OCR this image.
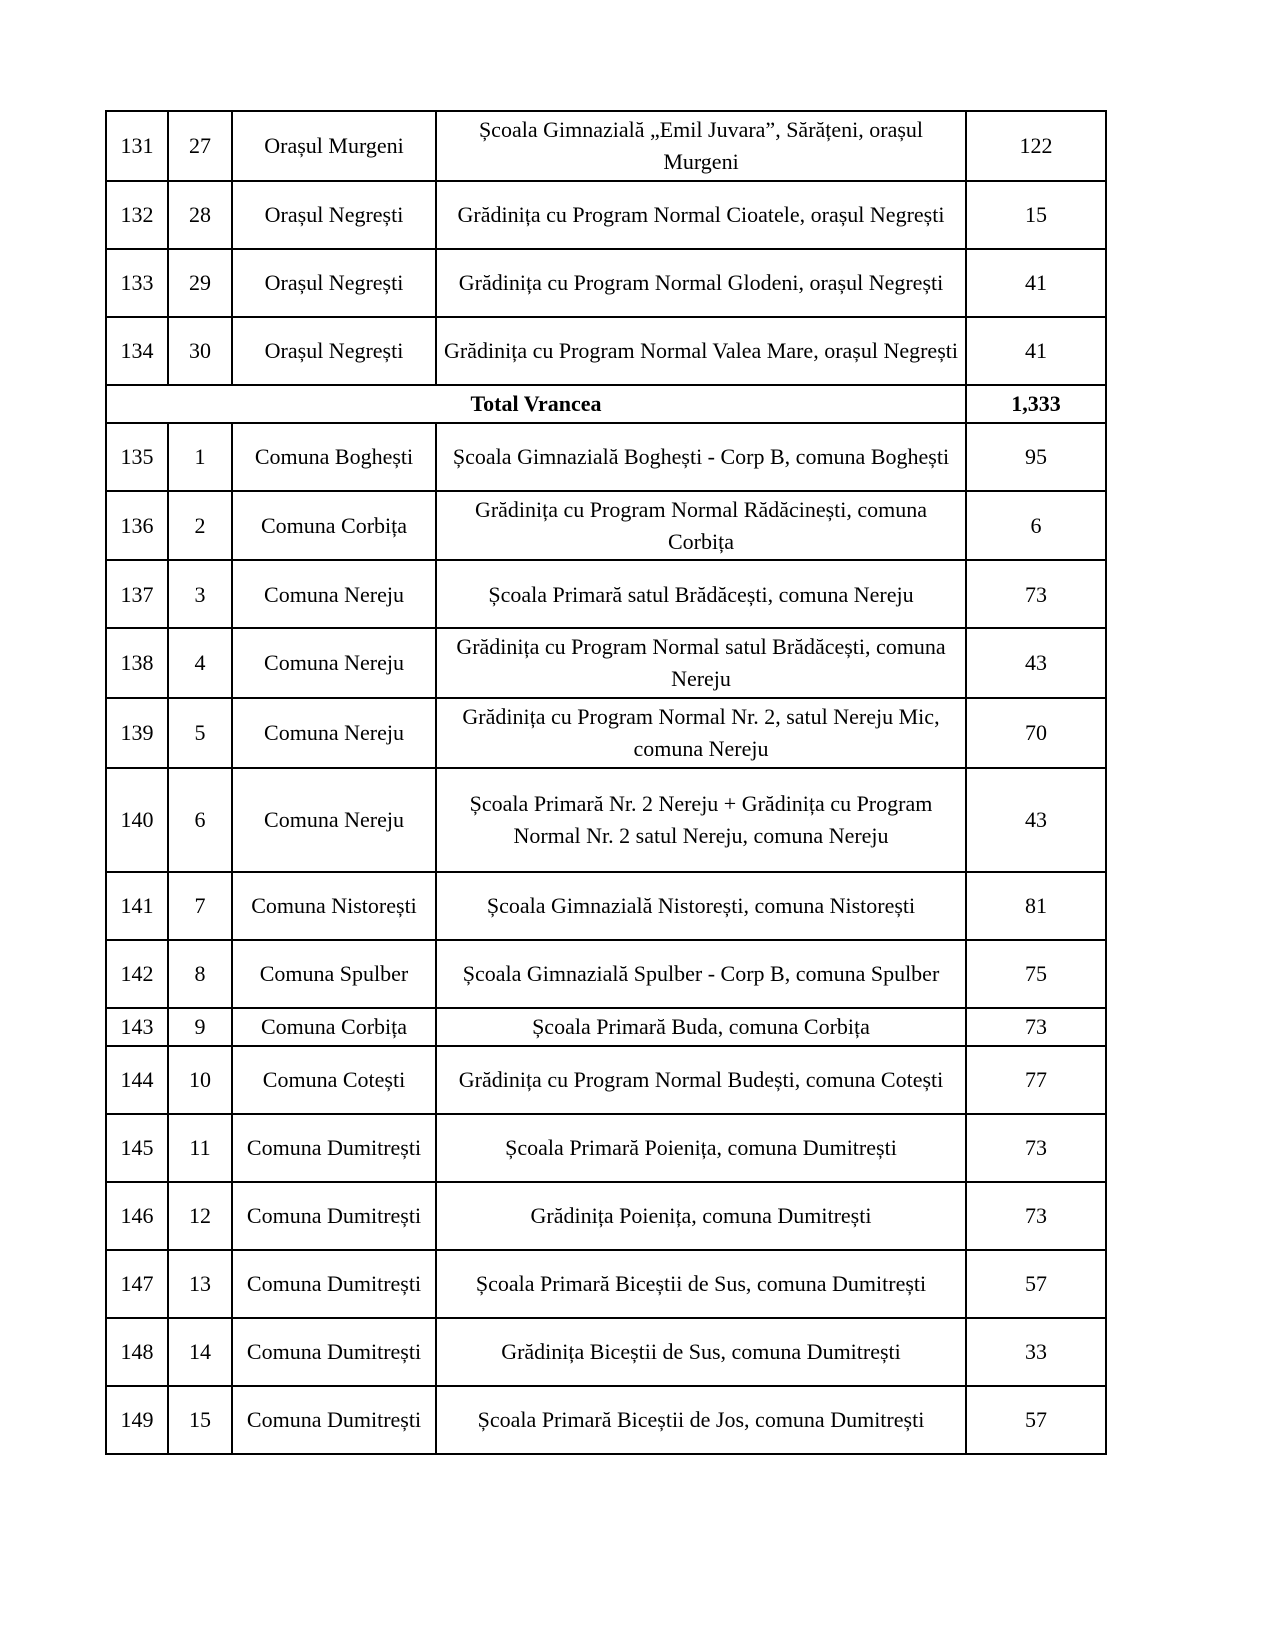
131	27	Orașul Murgeni	Școala Gimnazială „Emil Juvara”, Sărățeni, orașul Murgeni	122
132	28	Orașul Negrești	Grădinița cu Program Normal Cioatele, orașul Negrești	15
133	29	Orașul Negrești	Grădinița cu Program Normal Glodeni, orașul Negrești	41
134	30	Orașul Negrești	Grădinița cu Program Normal Valea Mare, orașul Negrești	41
Total Vrancea				1,333
135	1	Comuna Boghești	Școala Gimnazială Boghești - Corp B, comuna Boghești	95
136	2	Comuna Corbița	Grădinița cu Program Normal Rădăcinești, comuna Corbița	6
137	3	Comuna Nereju	Școala Primară satul Brădăcești, comuna Nereju	73
138	4	Comuna Nereju	Grădinița cu Program Normal satul Brădăcești, comuna Nereju	43
139	5	Comuna Nereju	Grădinița cu Program Normal Nr. 2, satul Nereju Mic, comuna Nereju	70
140	6	Comuna Nereju	Școala Primară Nr. 2 Nereju + Grădinița cu Program Normal Nr. 2 satul Nereju, comuna Nereju	43
141	7	Comuna Nistorești	Școala Gimnazială Nistorești, comuna Nistorești	81
142	8	Comuna Spulber	Școala Gimnazială Spulber - Corp B, comuna Spulber	75
143	9	Comuna Corbița	Școala Primară Buda, comuna Corbița	73
144	10	Comuna Cotești	Grădinița cu Program Normal Budești, comuna Cotești	77
145	11	Comuna Dumitrești	Școala Primară Poienița, comuna Dumitrești	73
146	12	Comuna Dumitrești	Grădinița Poienița, comuna Dumitrești	73
147	13	Comuna Dumitrești	Școala Primară Biceștii de Sus, comuna Dumitrești	57
148	14	Comuna Dumitrești	Grădinița Biceștii de Sus, comuna Dumitrești	33
149	15	Comuna Dumitrești	Școala Primară Biceștii de Jos, comuna Dumitrești	57
